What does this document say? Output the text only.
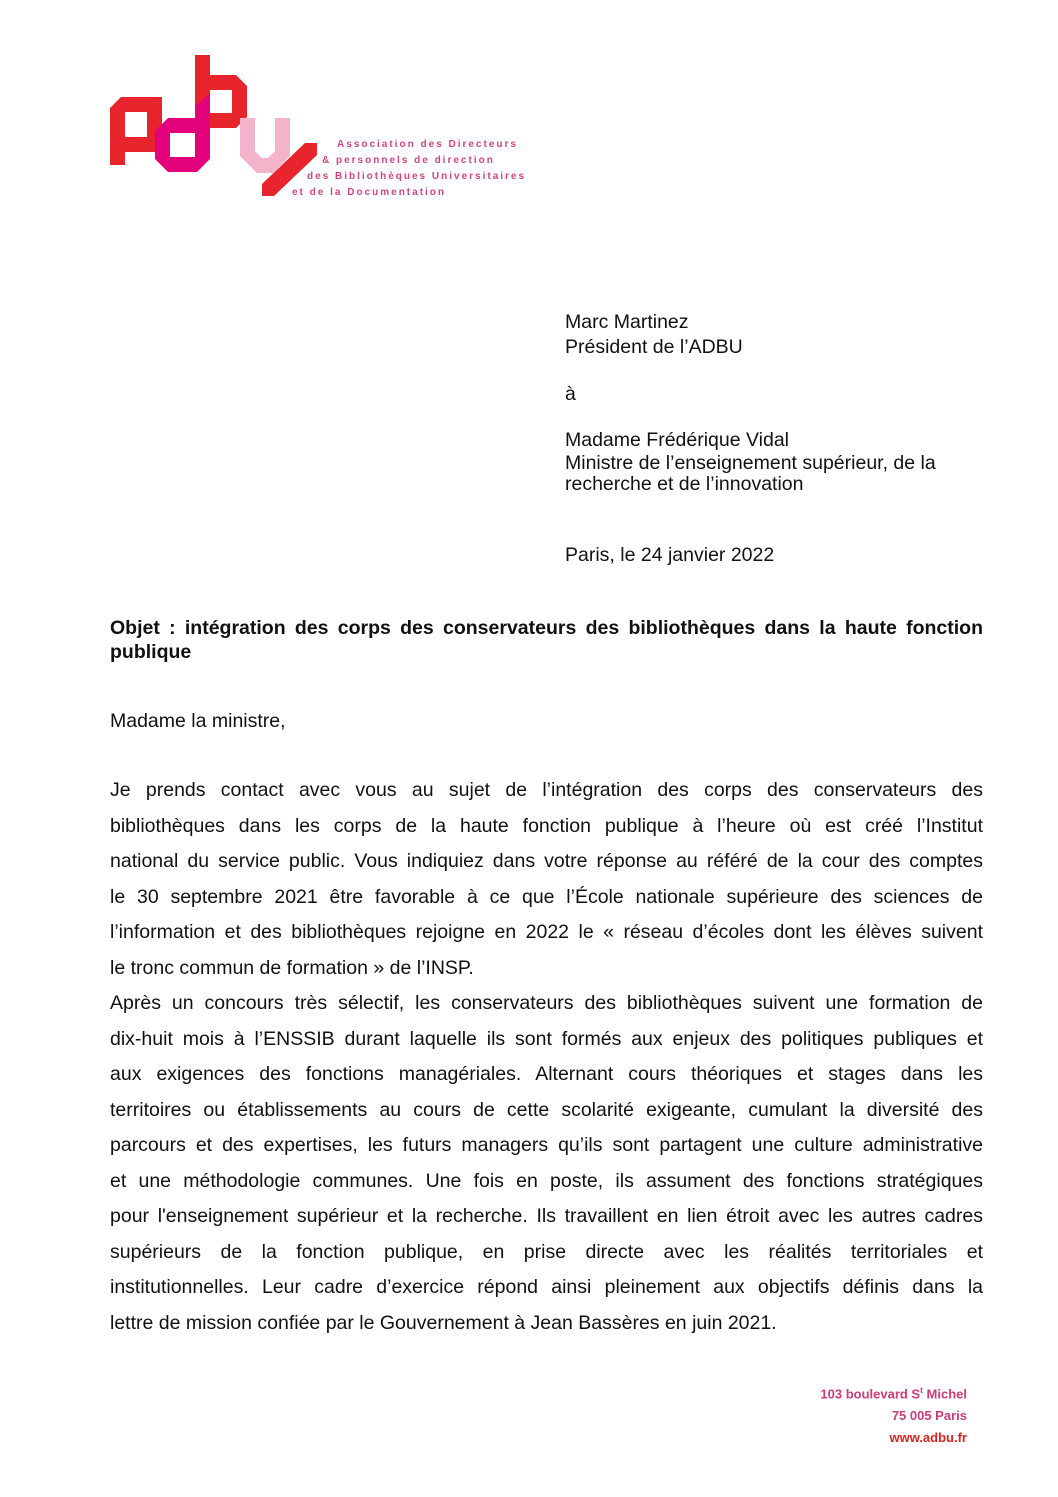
Association des Directeurs
& personnels de direction
des Bibliothèques Universitaires
et de la Documentation
Marc Martinez
Président de l’ADBU
à
Madame Frédérique Vidal
Ministre de l’enseignement supérieur, de la
recherche et de l’innovation
Paris, le 24 janvier 2022
Objet : intégration des corps des conservateurs des bibliothèques dans la haute fonction
publique
Madame la ministre,
Je prends contact avec vous au sujet de l’intégration des corps des conservateurs des
bibliothèques dans les corps de la haute fonction publique à l’heure où est créé l’Institut
national du service public. Vous indiquiez dans votre réponse au référé de la cour des comptes
le 30 septembre 2021 être favorable à ce que l’École nationale supérieure des sciences de
l’information et des bibliothèques rejoigne en 2022 le « réseau d’écoles dont les élèves suivent
le tronc commun de formation » de l’INSP.
Après un concours très sélectif, les conservateurs des bibliothèques suivent une formation de
dix-huit mois à l’ENSSIB durant laquelle ils sont formés aux enjeux des politiques publiques et
aux exigences des fonctions managériales. Alternant cours théoriques et stages dans les
territoires ou établissements au cours de cette scolarité exigeante, cumulant la diversité des
parcours et des expertises, les futurs managers qu’ils sont partagent une culture administrative
et une méthodologie communes. Une fois en poste, ils assument des fonctions stratégiques
pour l'enseignement supérieur et la recherche. Ils travaillent en lien étroit avec les autres cadres
supérieurs de la fonction publique, en prise directe avec les réalités territoriales et
institutionnelles. Leur cadre d’exercice répond ainsi pleinement aux objectifs définis dans la
lettre de mission confiée par le Gouvernement à Jean Bassères en juin 2021.
103 boulevard $S^t$ Michel
75 005 Paris
www.adbu.fr
